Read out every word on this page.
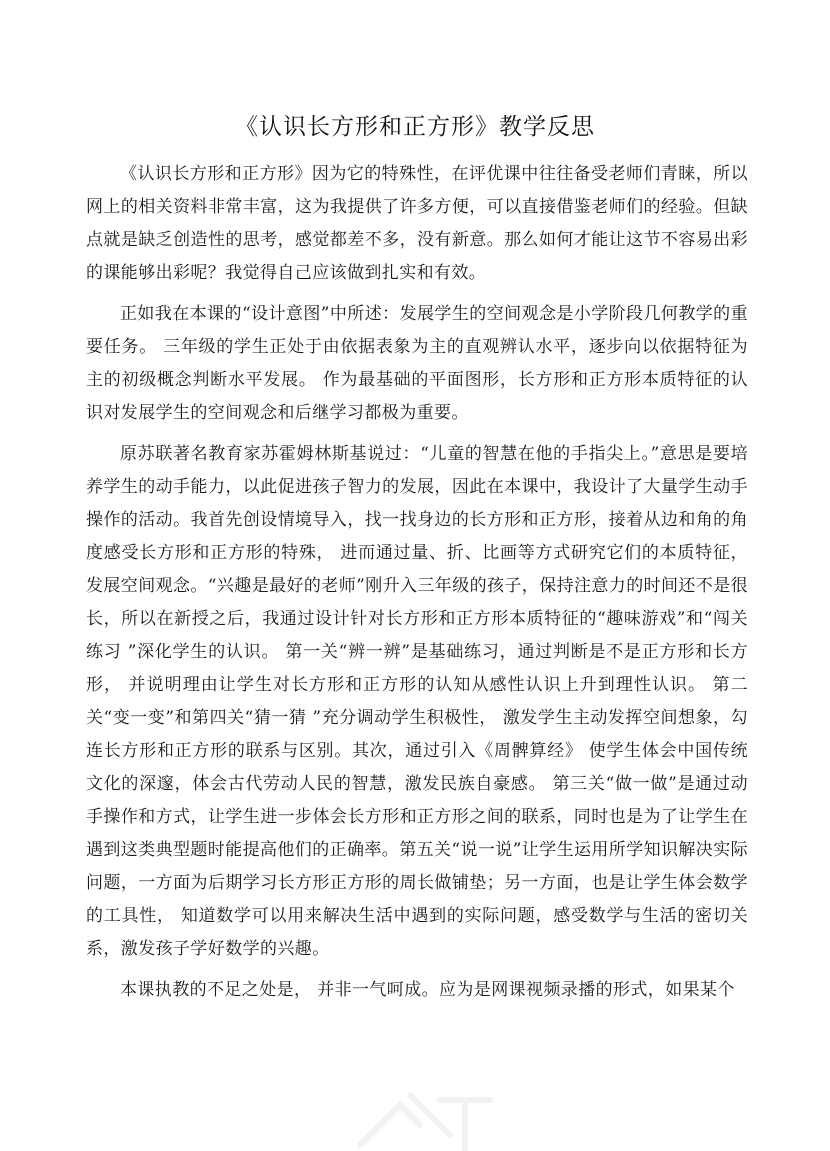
《认识长方形和正方形》教学反思

《认识长方形和正方形》因为它的特殊性，在评优课中往往备受老师们青睐，所以网上的相关资料非常丰富，这为我提供了许多方便，可以直接借鉴老师们的经验。但缺点就是缺乏创造性的思考，感觉都差不多，没有新意。那么如何才能让这节不容易出彩的课能够出彩呢？我觉得自己应该做到扎实和有效。

正如我在本课的“设计意图”中所述：发展学生的空间观念是小学阶段几何教学的重要任务。 三年级的学生正处于由依据表象为主的直观辨认水平，逐步向以依据特征为主的初级概念判断水平发展。 作为最基础的平面图形，长方形和正方形本质特征的认识对发展学生的空间观念和后继学习都极为重要。

原苏联著名教育家苏霍姆林斯基说过：“儿童的智慧在他的手指尖上。”意思是要培养学生的动手能力，以此促进孩子智力的发展，因此在本课中，我设计了大量学生动手操作的活动。我首先创设情境导入，找一找身边的长方形和正方形，接着从边和角的角度感受长方形和正方形的特殊， 进而通过量、折、比画等方式研究它们的本质特征，发展空间观念。“兴趣是最好的老师”刚升入三年级的孩子，保持注意力的时间还不是很长，所以在新授之后，我通过设计针对长方形和正方形本质特征的“趣味游戏”和“闯关练习 ”深化学生的认识。 第一关“辨一辨”是基础练习，通过判断是不是正方形和长方形， 并说明理由让学生对长方形和正方形的认知从感性认识上升到理性认识。 第二关“变一变”和第四关“猜一猜 ”充分调动学生积极性， 激发学生主动发挥空间想象，勾连长方形和正方形的联系与区别。其次，通过引入《周髀算经》 使学生体会中国传统文化的深邃，体会古代劳动人民的智慧，激发民族自豪感。 第三关“做一做”是通过动手操作和方式，让学生进一步体会长方形和正方形之间的联系，同时也是为了让学生在遇到这类典型题时能提高他们的正确率。第五关“说一说”让学生运用所学知识解决实际问题，一方面为后期学习长方形正方形的周长做铺垫；另一方面，也是让学生体会数学的工具性， 知道数学可以用来解决生活中遇到的实际问题，感受数学与生活的密切关系，激发孩子学好数学的兴趣。

本课执教的不足之处是， 并非一气呵成。应为是网课视频录播的形式，如果某个
